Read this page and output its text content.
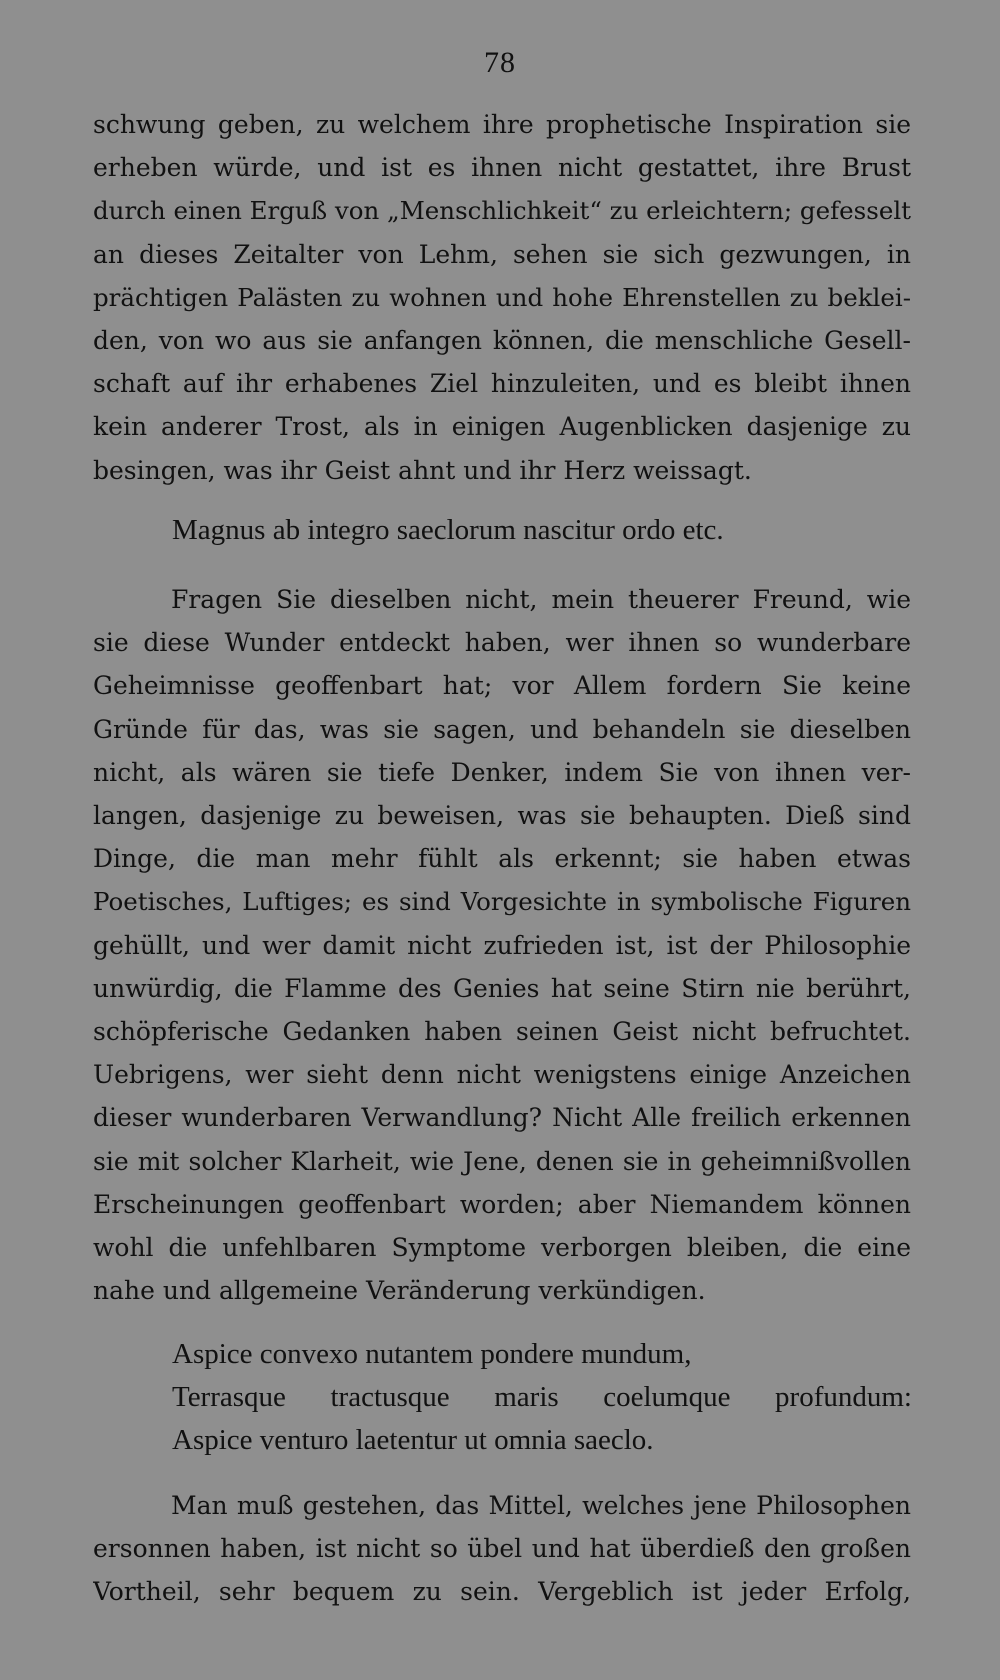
78
schwung geben, zu welchem ihre prophetische Inspiration sie
erheben würde, und ist es ihnen nicht gestattet, ihre Brust
durch einen Erguß von „Menschlichkeit“ zu erleichtern; gefesselt
an dieses Zeitalter von Lehm, sehen sie sich gezwungen, in
prächtigen Palästen zu wohnen und hohe Ehrenstellen zu beklei-
den, von wo aus sie anfangen können, die menschliche Gesell-
schaft auf ihr erhabenes Ziel hinzuleiten, und es bleibt ihnen
kein anderer Trost, als in einigen Augenblicken dasjenige zu
besingen, was ihr Geist ahnt und ihr Herz weissagt.
Magnus ab integro saeclorum nascitur ordo etc.
Fragen Sie dieselben nicht, mein theuerer Freund, wie
sie diese Wunder entdeckt haben, wer ihnen so wunderbare
Geheimnisse geoffenbart hat; vor Allem fordern Sie keine
Gründe für das, was sie sagen, und behandeln sie dieselben
nicht, als wären sie tiefe Denker, indem Sie von ihnen ver-
langen, dasjenige zu beweisen, was sie behaupten. Dieß sind
Dinge, die man mehr fühlt als erkennt; sie haben etwas
Poetisches, Luftiges; es sind Vorgesichte in symbolische Figuren
gehüllt, und wer damit nicht zufrieden ist, ist der Philosophie
unwürdig, die Flamme des Genies hat seine Stirn nie berührt,
schöpferische Gedanken haben seinen Geist nicht befruchtet.
Uebrigens, wer sieht denn nicht wenigstens einige Anzeichen
dieser wunderbaren Verwandlung? Nicht Alle freilich erkennen
sie mit solcher Klarheit, wie Jene, denen sie in geheimnißvollen
Erscheinungen geoffenbart worden; aber Niemandem können
wohl die unfehlbaren Symptome verborgen bleiben, die eine
nahe und allgemeine Veränderung verkündigen.
Aspice convexo nutantem pondere mundum,
Terrasque tractusque maris coelumque profundum:
Aspice venturo laetentur ut omnia saeclo.
Man muß gestehen, das Mittel, welches jene Philosophen
ersonnen haben, ist nicht so übel und hat überdieß den großen
Vortheil, sehr bequem zu sein. Vergeblich ist jeder Erfolg,
